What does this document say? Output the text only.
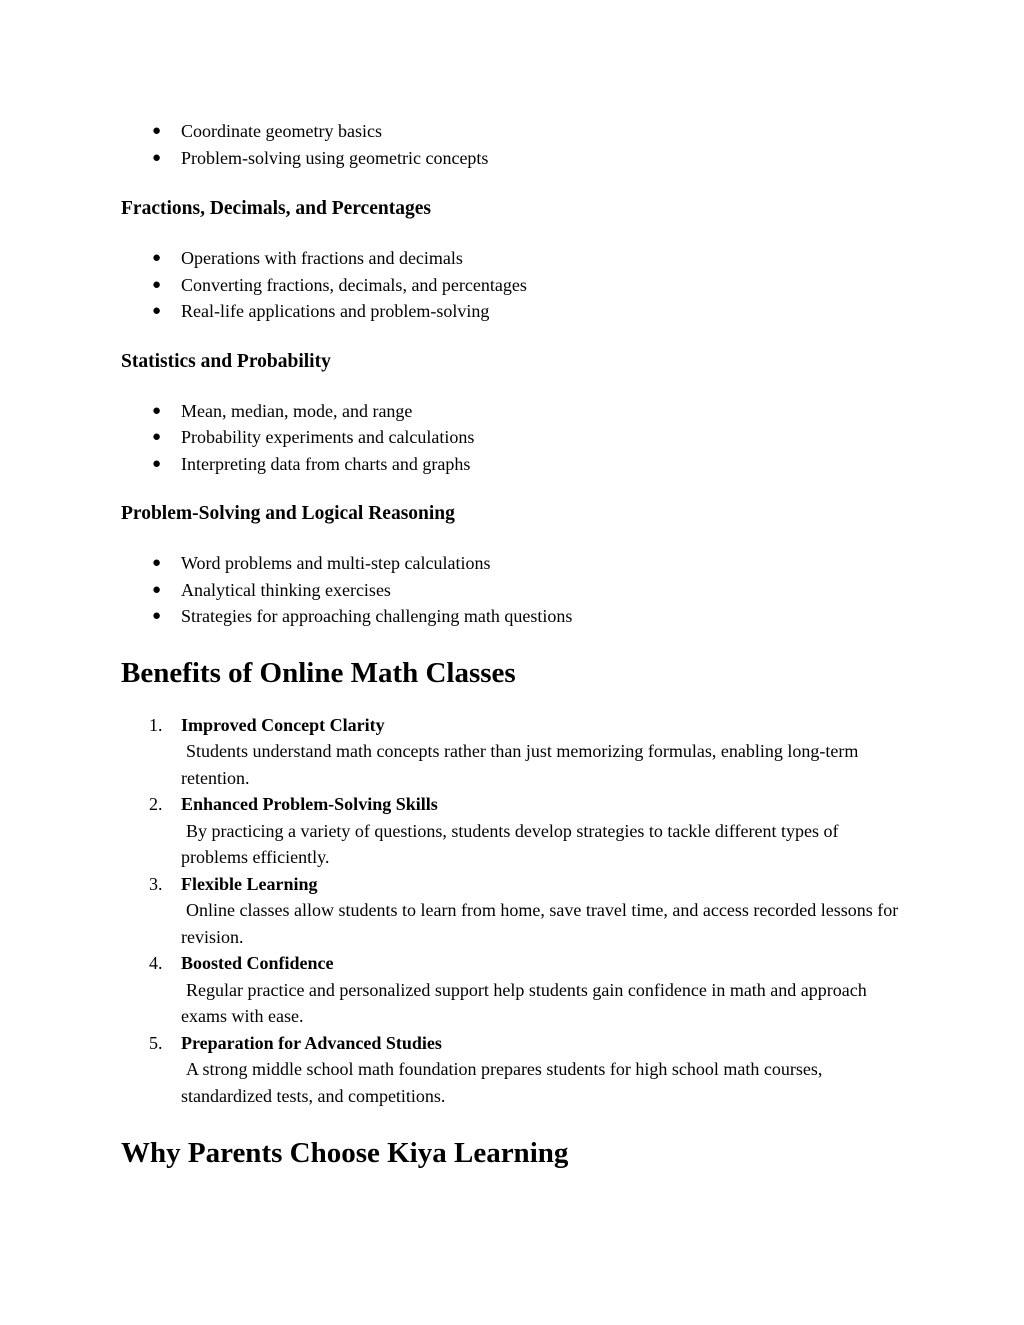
● Coordinate geometry basics
● Problem-solving using geometric concepts
Fractions, Decimals, and Percentages
● Operations with fractions and decimals
● Converting fractions, decimals, and percentages
● Real-life applications and problem-solving
Statistics and Probability
● Mean, median, mode, and range
● Probability experiments and calculations
● Interpreting data from charts and graphs
Problem-Solving and Logical Reasoning
● Word problems and multi-step calculations
● Analytical thinking exercises
● Strategies for approaching challenging math questions
Benefits of Online Math Classes
1. Improved Concept Clarity
Students understand math concepts rather than just memorizing formulas, enabling long-term retention.
2. Enhanced Problem-Solving Skills
By practicing a variety of questions, students develop strategies to tackle different types of problems efficiently.
3. Flexible Learning
Online classes allow students to learn from home, save travel time, and access recorded lessons for revision.
4. Boosted Confidence
Regular practice and personalized support help students gain confidence in math and approach exams with ease.
5. Preparation for Advanced Studies
A strong middle school math foundation prepares students for high school math courses, standardized tests, and competitions.
Why Parents Choose Kiya Learning
